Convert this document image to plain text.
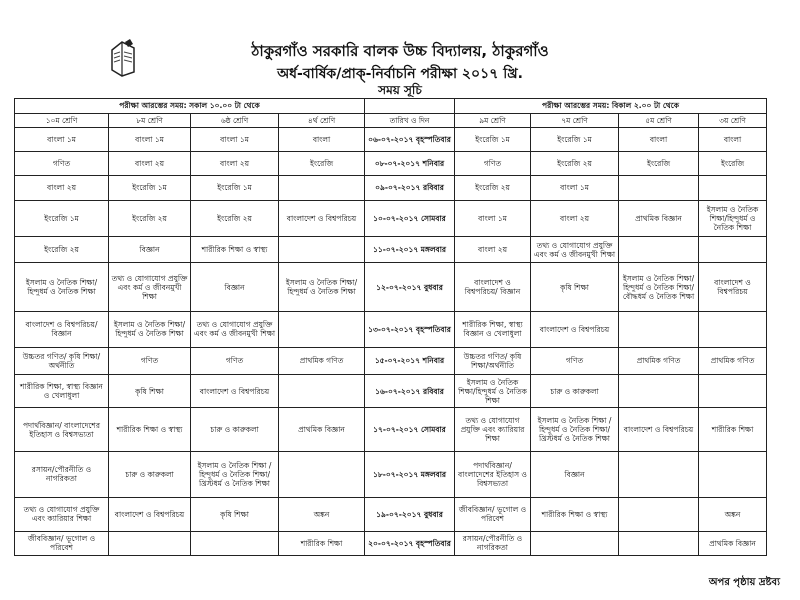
ঠাকুরগাঁও সরকারি বালক উচ্চ বিদ্যালয়, ঠাকুরগাঁও
অর্ধ-বার্ষিক/প্রাক্‌-নির্বাচনি পরীক্ষা ২০১৭ খ্রি.
সময় সূচি
পরীক্ষা আরম্ভের সময়: সকাল ১০.০০ টা থেকে					পরীক্ষা আরম্ভের সময়: বিকাল ২.০০ টা থেকে			
১০ম শ্রেণি	৮ম শ্রেণি	৬ষ্ঠ শ্রেণি	৪র্থ শ্রেণি	তারিখ ও দিন	৯ম শ্রেণি	৭ম শ্রেণি	৫ম শ্রেণি	৩য় শ্রেণি
বাংলা ১ম	বাংলা ১ম	বাংলা ১ম	বাংলা	০৬-০৭-২০১৭ বৃহস্পতিবার	ইংরেজি ১ম	ইংরেজি ১ম	বাংলা	বাংলা
গণিত	বাংলা ২য়	বাংলা ২য়	ইংরেজি	০৮-০৭-২০১৭ শনিবার	গণিত	ইংরেজি ২য়	ইংরেজি	ইংরেজি
বাংলা ২য়	ইংরেজি ১ম	ইংরেজি ১ম		০৯-০৭-২০১৭ রবিবার	ইংরেজি ২য়	বাংলা ১ম		
ইংরেজি ১ম	ইংরেজি ২য়	ইংরেজি ২য়	বাংলাদেশ ও বিশ্বপরিচয়	১০-০৭-২০১৭ সোমবার	বাংলা ১ম	বাংলা ২য়	প্রাথমিক বিজ্ঞান	ইসলাম ও নৈতিক শিক্ষা/হিন্দুধর্ম ও নৈতিক শিক্ষা
ইংরেজি ২য়	বিজ্ঞান	শারীরিক শিক্ষা ও স্বাস্থ্য		১১-০৭-২০১৭ মঙ্গলবার	বাংলা ২য়	তথ্য ও যোগাযোগ প্রযুক্তি এবং কর্ম ও জীবনমুখী শিক্ষা		
ইসলাম ও নৈতিক শিক্ষা/হিন্দুধর্ম ও নৈতিক শিক্ষা	তথ্য ও যোগাযোগ প্রযুক্তি এবং কর্ম ও জীবনমুখী শিক্ষা	বিজ্ঞান	ইসলাম ও নৈতিক শিক্ষা/হিন্দুধর্ম ও নৈতিক শিক্ষা	১২-০৭-২০১৭ বুধবার	বাংলাদেশ ও বিশ্বপরিচয়/ বিজ্ঞান	কৃষি শিক্ষা	ইসলাম ও নৈতিক শিক্ষা/হিন্দুধর্ম ও নৈতিক শিক্ষা/বৌদ্ধধর্ম ও নৈতিক শিক্ষা	বাংলাদেশ ও বিশ্বপরিচয়
বাংলাদেশ ও বিশ্বপরিচয়/বিজ্ঞান	ইসলাম ও নৈতিক শিক্ষা/হিন্দুধর্ম ও নৈতিক শিক্ষা	তথ্য ও যোগাযোগ প্রযুক্তি এবং কর্ম ও জীবনমুখী শিক্ষা		১৩-০৭-২০১৭ বৃহস্পতিবার	শারীরিক শিক্ষা, স্বাস্থ্য বিজ্ঞান ও খেলাধুলা	বাংলাদেশ ও বিশ্বপরিচয়		
উচ্চতর গণিত/ কৃষি শিক্ষা/ অর্থনীতি	গণিত	গণিত	প্রাথমিক গণিত	১৫-০৭-২০১৭ শনিবার	উচ্চতর গণিত/ কৃষি শিক্ষা/অর্থনীতি	গণিত	প্রাথমিক গণিত	প্রাথমিক গণিত
শারীরিক শিক্ষা, স্বাস্থ্য বিজ্ঞান ও খেলাধুলা	কৃষি শিক্ষা	বাংলাদেশ ও বিশ্বপরিচয়		১৬-০৭-২০১৭ রবিবার	ইসলাম ও নৈতিক শিক্ষা/হিন্দুধর্ম ও নৈতিক শিক্ষা	চারু ও কারুকলা		
পদার্থবিজ্ঞান/ বাংলাদেশের ইতিহাস ও বিশ্বসভ্যতা	শারীরিক শিক্ষা ও স্বাস্থ্য	চারু ও কারুকলা	প্রাথমিক বিজ্ঞান	১৭-০৭-২০১৭ সোমবার	তথ্য ও যোগাযোগ প্রযুক্তি এবং ক্যারিয়ার শিক্ষা	ইসলাম ও নৈতিক শিক্ষা / হিন্দুধর্ম ও নৈতিক শিক্ষা/ খ্রিস্টধর্ম ও নৈতিক শিক্ষা	বাংলাদেশ ও বিশ্বপরিচয়	শারীরিক শিক্ষা
রসায়ন/পৌরনীতি ও নাগরিকতা	চারু ও কারুকলা	ইসলাম ও নৈতিক শিক্ষা / হিন্দুধর্ম ও নৈতিক শিক্ষা/ খ্রিস্টধর্ম ও নৈতিক শিক্ষা		১৮-০৭-২০১৭ মঙ্গলবার	পদার্থবিজ্ঞান/ বাংলাদেশের ইতিহাস ও বিশ্বসভ্যতা	বিজ্ঞান		
তথ্য ও যোগাযোগ প্রযুক্তি এবং ক্যারিয়ার শিক্ষা	বাংলাদেশ ও বিশ্বপরিচয়	কৃষি শিক্ষা	অঙ্কন	১৯-০৭-২০১৭ বুধবার	জীববিজ্ঞান/ ভূগোল ও পরিবেশ	শারীরিক শিক্ষা ও স্বাস্থ্য		অঙ্কন
জীববিজ্ঞান/ ভূগোল ও পরিবেশ			শারীরিক শিক্ষা	২০-০৭-২০১৭ বৃহস্পতিবার	রসায়ন/পৌরনীতি ও নাগরিকতা			প্রাথমিক বিজ্ঞান
অপর পৃষ্ঠায় দ্রষ্টব্য
